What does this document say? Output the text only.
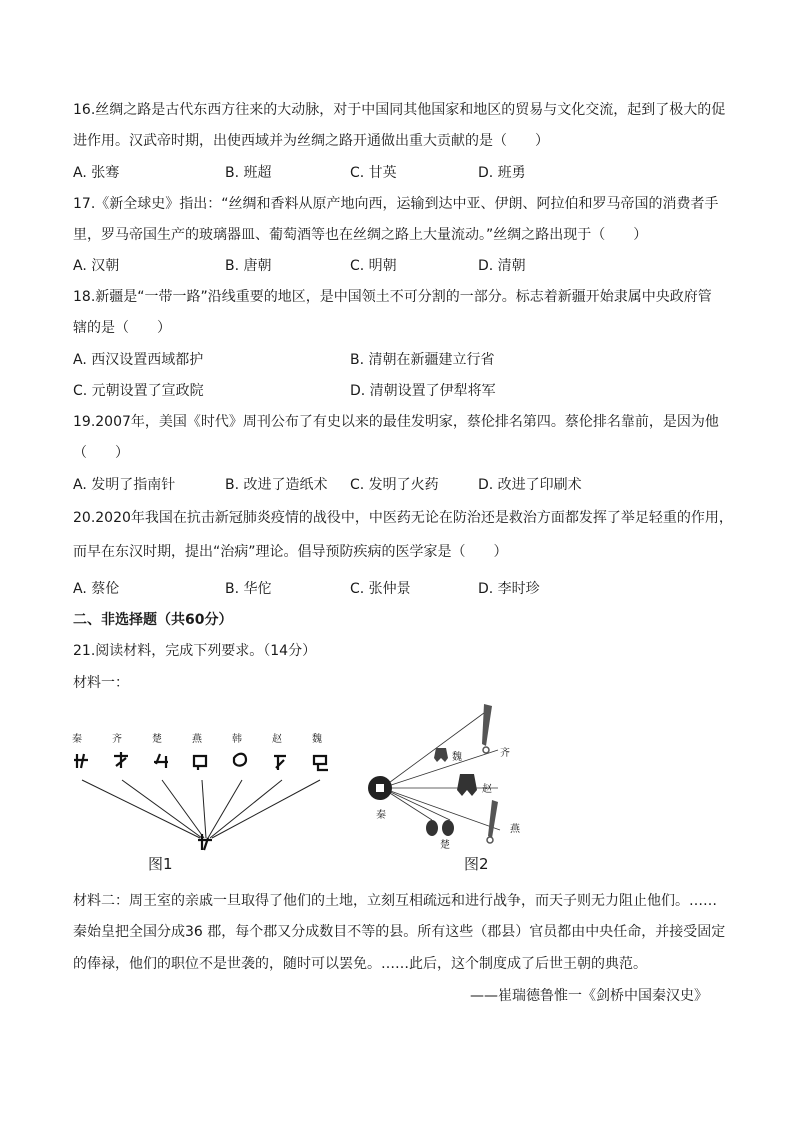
16.丝绸之路是古代东西方往来的大动脉，对于中国同其他国家和地区的贸易与文化交流，起到了极大的促
进作用。汉武帝时期，出使西域并为丝绸之路开通做出重大贡献的是（　　）
A. 张骞	B. 班超	C. 甘英	D. 班勇
17.《新全球史》指出：“丝绸和香料从原产地向西，运输到达中亚、伊朗、阿拉伯和罗马帝国的消费者手
里，罗马帝国生产的玻璃器皿、葡萄酒等也在丝绸之路上大量流动。”丝绸之路出现于（　　）
A. 汉朝	B. 唐朝	C. 明朝	D. 清朝
18.新疆是“一带一路”沿线重要的地区，是中国领土不可分割的一部分。标志着新疆开始隶属中央政府管
辖的是（　　）
A. 西汉设置西域都护	B. 清朝在新疆建立行省
C. 元朝设置了宣政院	D. 清朝设置了伊犁将军
19.2007年，美国《时代》周刊公布了有史以来的最佳发明家，蔡伦排名第四。蔡伦排名靠前，是因为他
（　　）
A. 发明了指南针	B. 改进了造纸术 C. 发明了火药	D. 改进了印刷术
20.2020年我国在抗击新冠肺炎疫情的战役中，中医药无论在防治还是救治方面都发挥了举足轻重的作用，
而早在东汉时期，提出“治病”理论。倡导预防疾病的医学家是（　　）
A. 蔡伦	B. 华佗	C. 张仲景	D. 李时珍
二、非选择题（共60分）
21.阅读材料，完成下列要求。（14分）
材料一：
秦	齐	楚	燕	韩	赵	魏
图1
齐
魏
赵
秦
燕
楚
图2
材料二：周王室的亲戚一旦取得了他们的土地，立刻互相疏远和进行战争，而天子则无力阻止他们。……
秦始皇把全国分成36 郡，每个郡又分成数目不等的县。所有这些（郡县）官员都由中央任命，并接受固定
的俸禄，他们的职位不是世袭的，随时可以罢免。……此后，这个制度成了后世王朝的典范。
——崔瑞德鲁惟一《剑桥中国秦汉史》
